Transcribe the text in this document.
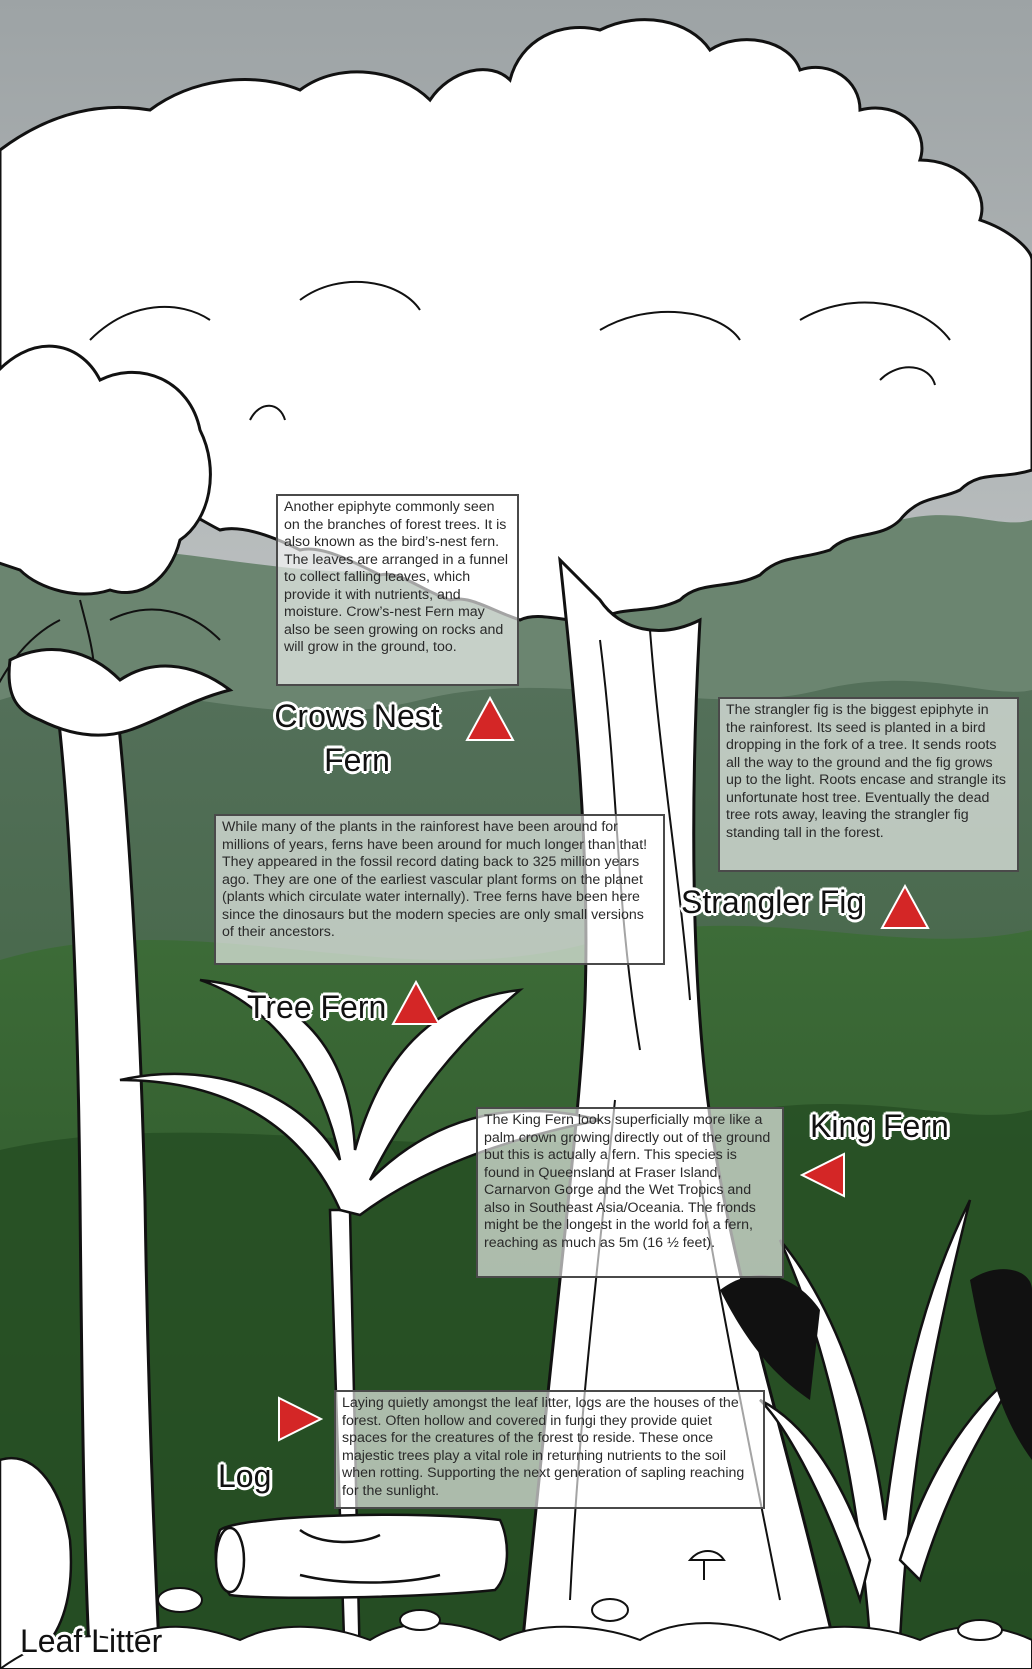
Another epiphyte commonly seen on the branches of forest trees. It is also known as the bird’s-nest fern. The leaves are arranged in a funnel to collect falling leaves, which provide it with nutrients, and moisture. Crow’s-nest Fern may also be seen growing on rocks and will grow in the ground, too.
The strangler fig is the biggest epiphyte in the rainforest. Its seed is planted in a bird dropping in the fork of a tree. It sends roots all the way to the ground and the fig grows up to the light. Roots encase and strangle its unfortunate host tree. Eventually the dead tree rots away, leaving the strangler fig standing tall in the forest.
While many of the plants in the rainforest have been around for millions of years, ferns have been around for much longer than that! They appeared in the fossil record dating back to 325 million years ago. They are one of the earliest vascular plant forms on the planet (plants which circulate water internally). Tree ferns have been here since the dinosaurs but the modern species are only small versions of their ancestors.
The King Fern looks superficially more like a palm crown growing directly out of the ground but this is actually a fern. This species is found in Queensland at Fraser Island, Carnarvon Gorge and the Wet Tropics and also in Southeast Asia/Oceania. The fronds might be the longest in the world for a fern, reaching as much as 5m (16 ½ feet).
Laying quietly amongst the leaf litter, logs are the houses of the forest. Often hollow and covered in fungi they provide quiet spaces for the creatures of the forest to reside. These once majestic trees play a vital role in returning nutrients to the soil when rotting. Supporting the next generation of sapling reaching for the sunlight.
Crows Nest
Fern
Strangler Fig
Tree Fern
King Fern
Log
Leaf Litter
